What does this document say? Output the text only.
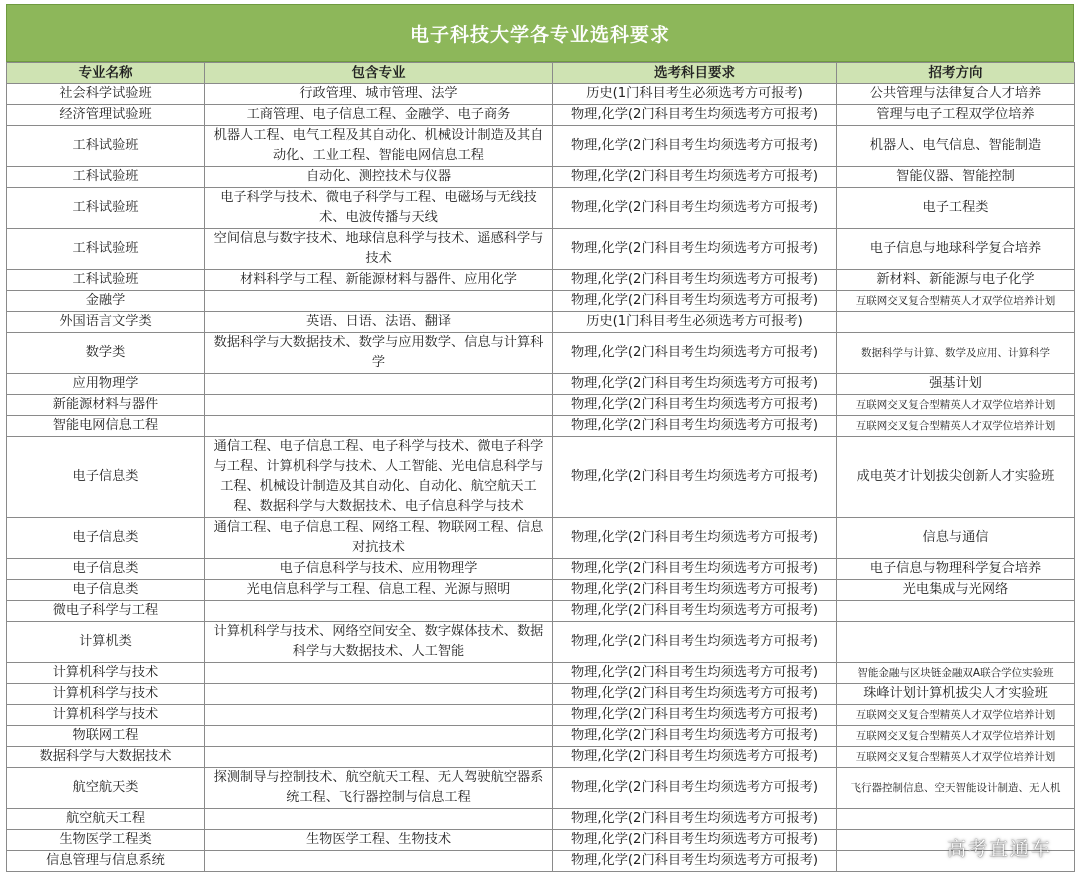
电子科技大学各专业选科要求
专业名称	包含专业	选考科目要求	招考方向
社会科学试验班	行政管理、城市管理、法学	历史(1门科目考生必须选考方可报考)	公共管理与法律复合人才培养
经济管理试验班	工商管理、电子信息工程、金融学、电子商务	物理,化学(2门科目考生均须选考方可报考)	管理与电子工程双学位培养
工科试验班	机器人工程、电气工程及其自动化、机械设计制造及其自动化、工业工程、智能电网信息工程	物理,化学(2门科目考生均须选考方可报考)	机器人、电气信息、智能制造
工科试验班	自动化、测控技术与仪器	物理,化学(2门科目考生均须选考方可报考)	智能仪器、智能控制
工科试验班	电子科学与技术、微电子科学与工程、电磁场与无线技术、电波传播与天线	物理,化学(2门科目考生均须选考方可报考)	电子工程类
工科试验班	空间信息与数字技术、地球信息科学与技术、遥感科学与技术	物理,化学(2门科目考生均须选考方可报考)	电子信息与地球科学复合培养
工科试验班	材料科学与工程、新能源材料与器件、应用化学	物理,化学(2门科目考生均须选考方可报考)	新材料、新能源与电子化学
金融学		物理,化学(2门科目考生均须选考方可报考)	互联网交叉复合型精英人才双学位培养计划
外国语言文学类	英语、日语、法语、翻译	历史(1门科目考生必须选考方可报考)	
数学类	数据科学与大数据技术、数学与应用数学、信息与计算科学	物理,化学(2门科目考生均须选考方可报考)	数据科学与计算、数学及应用、计算科学
应用物理学		物理,化学(2门科目考生均须选考方可报考)	强基计划
新能源材料与器件		物理,化学(2门科目考生均须选考方可报考)	互联网交叉复合型精英人才双学位培养计划
智能电网信息工程		物理,化学(2门科目考生均须选考方可报考)	互联网交叉复合型精英人才双学位培养计划
电子信息类	通信工程、电子信息工程、电子科学与技术、微电子科学与工程、计算机科学与技术、人工智能、光电信息科学与工程、机械设计制造及其自动化、自动化、航空航天工程、数据科学与大数据技术、电子信息科学与技术	物理,化学(2门科目考生均须选考方可报考)	成电英才计划拔尖创新人才实验班
电子信息类	通信工程、电子信息工程、网络工程、物联网工程、信息对抗技术	物理,化学(2门科目考生均须选考方可报考)	信息与通信
电子信息类	电子信息科学与技术、应用物理学	物理,化学(2门科目考生均须选考方可报考)	电子信息与物理科学复合培养
电子信息类	光电信息科学与工程、信息工程、光源与照明	物理,化学(2门科目考生均须选考方可报考)	光电集成与光网络
微电子科学与工程		物理,化学(2门科目考生均须选考方可报考)	
计算机类	计算机科学与技术、网络空间安全、数字媒体技术、数据科学与大数据技术、人工智能	物理,化学(2门科目考生均须选考方可报考)	
计算机科学与技术		物理,化学(2门科目考生均须选考方可报考)	智能金融与区块链金融双A联合学位实验班
计算机科学与技术		物理,化学(2门科目考生均须选考方可报考)	珠峰计划计算机拔尖人才实验班
计算机科学与技术		物理,化学(2门科目考生均须选考方可报考)	互联网交叉复合型精英人才双学位培养计划
物联网工程		物理,化学(2门科目考生均须选考方可报考)	互联网交叉复合型精英人才双学位培养计划
数据科学与大数据技术		物理,化学(2门科目考生均须选考方可报考)	互联网交叉复合型精英人才双学位培养计划
航空航天类	探测制导与控制技术、航空航天工程、无人驾驶航空器系统工程、飞行器控制与信息工程	物理,化学(2门科目考生均须选考方可报考)	飞行器控制信息、空天智能设计制造、无人机
航空航天工程		物理,化学(2门科目考生均须选考方可报考)	
生物医学工程类	生物医学工程、生物技术	物理,化学(2门科目考生均须选考方可报考)	
信息管理与信息系统		物理,化学(2门科目考生均须选考方可报考)	
高考直通车
